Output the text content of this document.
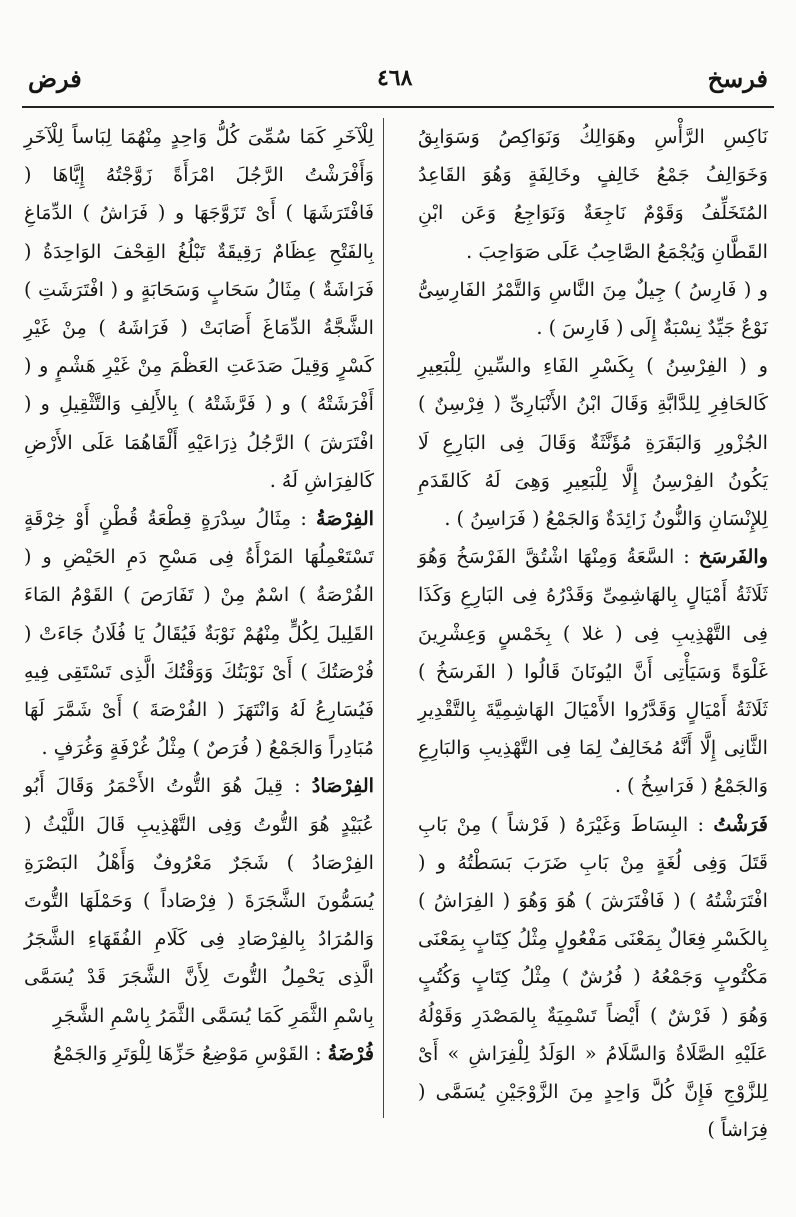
فرسخ
٤٦٨
فرض

نَاكِسِ الرَّأْسِ وهَوَالِكُ وَنَوَاكِصُ وَسَوَابِقُ وَخَوَالِفُ جَمْعُ خَالِفٍ وخَالِفَةٍ وَهُوَ القَاعِدُ المُتَخَلِّفُ وَقَوْمٌ نَاجِعَةٌ وَنَوَاجِعُ وَعَن ابْنِ القَطَّانِ وَيُجْمَعُ الصَّاحِبُ عَلَى صَوَاحِبَ .

و ( فَارِسُ ) جِيلٌ مِنَ النَّاسِ وَالتَّمْرُ الفَارِسِىُّ نَوْعٌ جَيِّدٌ نِسْبَةٌ إِلَى ( فَارِسَ ) .

و ( الفِرْسِنُ ) بِكَسْرِ الفَاءِ والسِّينِ لِلْبَعِيرِ كَالحَافِرِ لِلدَّابَّةِ وَقَالَ ابْنُ الأَنْبَارِىِّ ( فِرْسِنٌ ) الجُزْورِ وَالبَقَرَةِ مُؤَنَّثَةٌ وَقَالَ فِى البَارِعِ لَا يَكُونُ الفِرْسِنُ إِلَّا لِلْبَعِيرِ وَهِىَ لَهُ كَالقَدَمِ لِلإِنْسَانِ وَالنُّونُ زَائِدَةٌ وَالجَمْعُ ( فَرَاسِنُ ) .

والفَرسَخ : السَّعَةُ وَمِنْهَا اشْتُقَّ الفَرْسَخُ وَهُوَ ثَلَاثَةُ أَمْيَالٍ بِالهَاشِمِىِّ وَقَدْرُهُ فِى البَارِعِ وَكَذَا فِى التَّهْذِيبِ فِى ( غلا ) بِخَمْسٍ وَعِشْرِينَ غَلْوَةً وَسَيَأْتِى أَنَّ اليُونَانَ قَالُوا ( الفَرسَخُ ) ثَلَاثَةُ أَمْيَالٍ وَقَدَّرُوا الأَمْيَالَ الهَاشِمِيَّةَ بِالتَّقْدِيرِ الثَّانِى إِلَّا أَنَّهُ مُخَالِفٌ لِمَا فِى التَّهْذِيبِ وَالبَارِعِ وَالجَمْعُ ( فَرَاسِخُ ) .

فَرَشْتُ : البِسَاطَ وَغَيْرَهُ ( فَرْشاً ) مِنْ بَابِ قَتَلَ وَفِى لُغَةٍ مِنْ بَابِ ضَرَبَ بَسَطْتُهُ و ( افْتَرَشْتُهُ ) ( فَافْتَرَشَ ) هُوَ وَهُوَ ( الفِرَاشُ ) بِالكَسْرِ فِعَالٌ بِمَعْنَى مَفْعُولٍ مِثْلُ كِتَابٍ بِمَعْنَى مَكْتُوبٍ وَجَمْعُهُ ( فُرُشٌ ) مِثْلُ كِتَابٍ وَكُتُبٍ وَهُوَ ( فَرْشٌ ) أَيْضاً تَسْمِيَةٌ بِالمَصْدَرِ وَقَوْلُهُ عَلَيْهِ الصَّلَاةُ وَالسَّلَامُ « الوَلَدُ لِلْفِرَاشِ » أَىْ لِلزَّوْجِ فَإِنَّ كُلَّ وَاحِدٍ مِنَ الزَّوْجَيْنِ يُسَمَّى ( فِرَاشاً )

لِلْآخَرِ كَمَا سُمِّىَ كُلُّ وَاحِدٍ مِنْهُمَا لِبَاساً لِلْآخَرِ وَأَفْرَشْتُ الرَّجُلَ امْرَأَةً زَوَّجْتُهُ إِيَّاهَا ( فَافْتَرَشَهَا ) أَىْ تَزَوَّجَهَا و ( فَرَاشُ ) الدِّمَاغِ بِالفَتْحِ عِظَامٌ رَقِيقَةٌ تَبْلُغُ القِحْفَ الوَاحِدَةُ ( فَرَاشَةٌ ) مِثَالُ سَحَابٍ وَسَحَابَةٍ و ( افْتَرَشَتِ ) الشَّجَّةُ الدِّمَاغَ أَصَابَتْ ( فَرَاشَهُ ) مِنْ غَيْرِ كَسْرٍ وَقِيلَ صَدَعَتِ العَظْمَ مِنْ غَيْرِ هَشْمٍ و ( أَفْرَشَتْهُ ) و ( فَرَّشَتْهُ ) بِالأَلِفِ وَالتَّثْقِيلِ و ( افْتَرَشَ ) الرَّجُلُ ذِرَاعَيْهِ أَلْقَاهُمَا عَلَى الأَرْضِ كَالفِرَاشِ لَهُ .

الفِرْصَةُ : مِثَالُ سِدْرَةٍ قِطْعَةُ قُطْنٍ أَوْ خِرْقَةٍ تَسْتَعْمِلُهَا المَرْأَةُ فِى مَسْحِ دَمِ الحَيْضِ و ( الفُرْصَةُ ) اسْمٌ مِنْ ( تَفَارَصَ ) القَوْمُ المَاءَ القَلِيلَ لِكُلٍّ مِنْهُمْ نَوْبَةٌ فَيُقَالُ يَا فُلَانُ جَاءَتْ ( فُرْصَتُكَ ) أَىْ نَوْبَتُكَ وَوَقْتُكَ الَّذِى تَسْتَقِى فِيهِ فَيُسَارِعُ لَهُ وَانْتَهَزَ ( الفُرْصَةَ ) أَىْ شَمَّرَ لَهَا مُبَادِراً وَالجَمْعُ ( فُرَصٌ ) مِثْلُ غُرْفَةٍ وَغُرَفٍ .

الفِرْصَادُ : قِيلَ هُوَ التُّوتُ الأَحْمَرُ وَقَالَ أَبُو عُبَيْدٍ هُوَ التُّوتُ وَفِى التَّهْذِيبِ قَالَ اللَّيْثُ ( الفِرْصَادُ ) شَجَرٌ مَعْرُوفٌ وَأَهْلُ البَصْرَةِ يُسَمُّونَ الشَّجَرَةَ ( فِرْصَاداً ) وَحَمْلَهَا التُّوتَ وَالمُرَادُ بِالفِرْصَادِ فِى كَلَامِ الفُقَهَاءِ الشَّجَرُ الَّذِى يَحْمِلُ التُّوتَ لِأَنَّ الشَّجَرَ قَدْ يُسَمَّى بِاسْمِ الثَّمَرِ كَمَا يُسَمَّى الثَّمَرُ بِاسْمِ الشَّجَرِ

فُرْضَةُ : القَوْسِ مَوْضِعُ حَزِّهَا لِلْوَتَرِ وَالجَمْعُ
